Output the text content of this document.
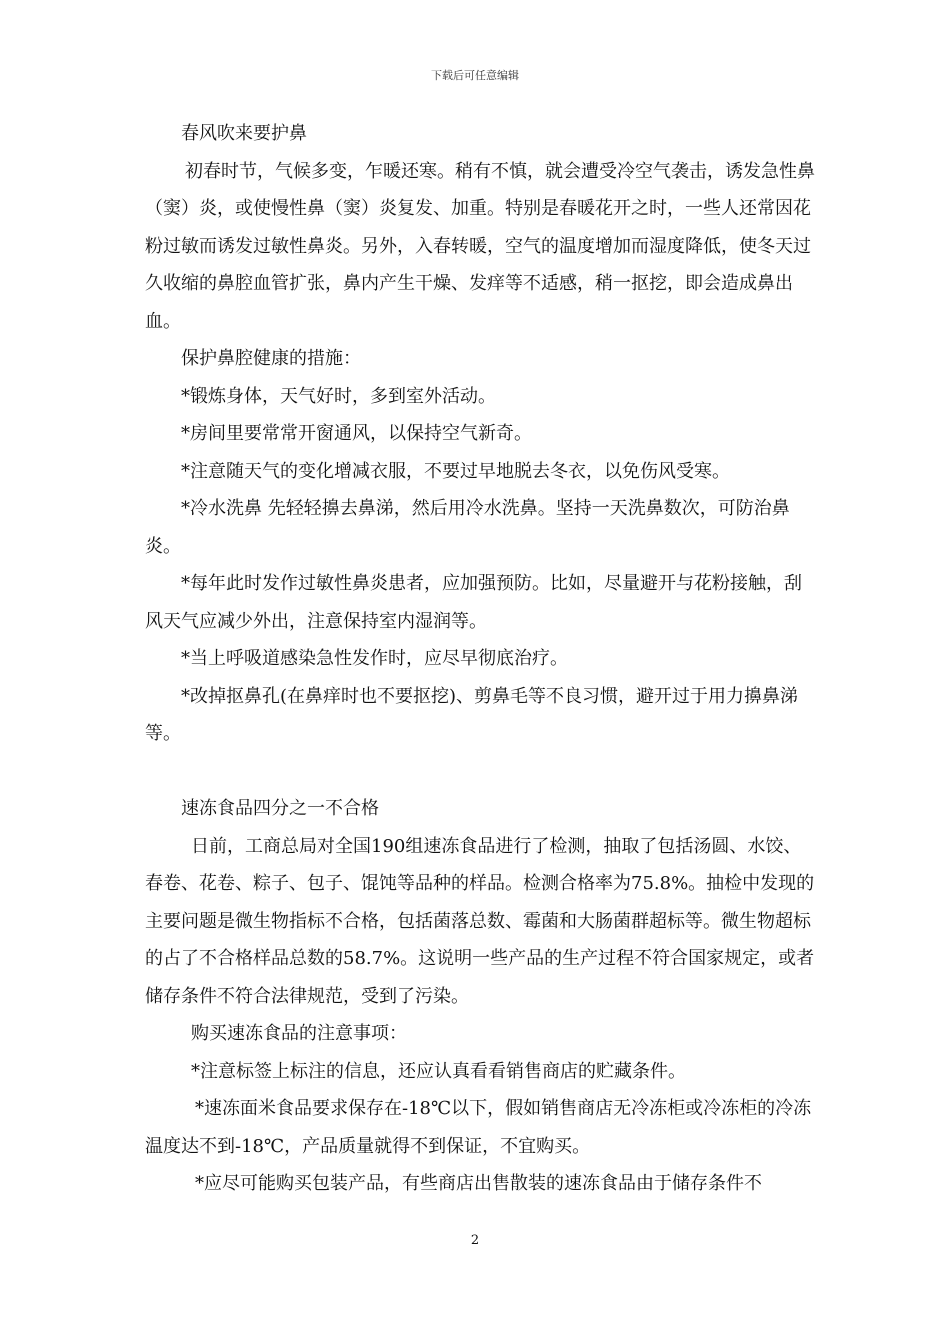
下载后可任意编辑

春风吹来要护鼻

初春时节，气候多变，乍暖还寒。稍有不慎，就会遭受冷空气袭击，诱发急性鼻（窦）炎，或使慢性鼻（窦）炎复发、加重。特别是春暖花开之时，一些人还常因花粉过敏而诱发过敏性鼻炎。另外，入春转暖，空气的温度增加而湿度降低，使冬天过久收缩的鼻腔血管扩张，鼻内产生干燥、发痒等不适感，稍一抠挖，即会造成鼻出血。

保护鼻腔健康的措施：

*锻炼身体，天气好时，多到室外活动。

*房间里要常常开窗通风，以保持空气新奇。

*注意随天气的变化增减衣服，不要过早地脱去冬衣，以免伤风受寒。

*冷水洗鼻 先轻轻擤去鼻涕，然后用冷水洗鼻。坚持一天洗鼻数次，可防治鼻炎。

*每年此时发作过敏性鼻炎患者，应加强预防。比如，尽量避开与花粉接触，刮风天气应减少外出，注意保持室内湿润等。

*当上呼吸道感染急性发作时，应尽早彻底治疗。

*改掉抠鼻孔(在鼻痒时也不要抠挖)、剪鼻毛等不良习惯，避开过于用力擤鼻涕等。

速冻食品四分之一不合格

日前，工商总局对全国190组速冻食品进行了检测，抽取了包括汤圆、水饺、春卷、花卷、粽子、包子、馄饨等品种的样品。检测合格率为75.8%。抽检中发现的主要问题是微生物指标不合格，包括菌落总数、霉菌和大肠菌群超标等。微生物超标的占了不合格样品总数的58.7%。这说明一些产品的生产过程不符合国家规定，或者储存条件不符合法律规范，受到了污染。

购买速冻食品的注意事项：

*注意标签上标注的信息，还应认真看看销售商店的贮藏条件。

*速冻面米食品要求保存在-18℃以下，假如销售商店无冷冻柜或冷冻柜的冷冻温度达不到-18℃，产品质量就得不到保证，不宜购买。

*应尽可能购买包装产品，有些商店出售散装的速冻食品由于储存条件不

2
